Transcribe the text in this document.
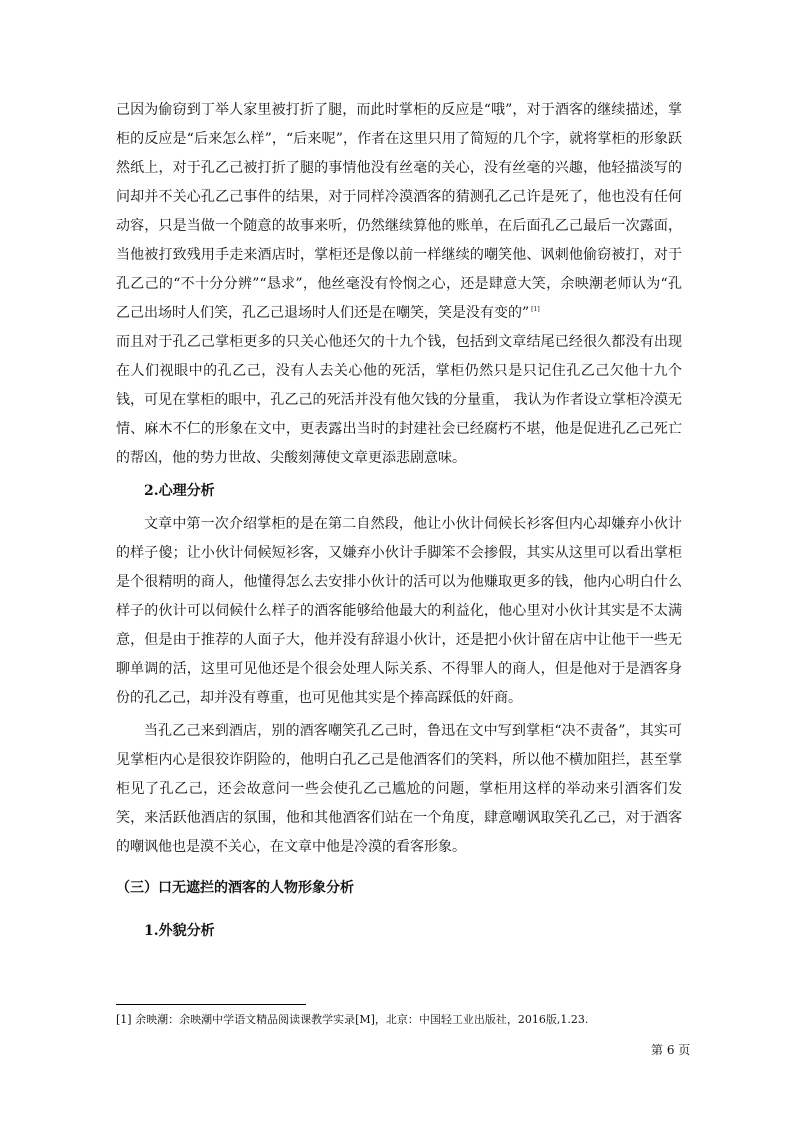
己因为偷窃到丁举人家里被打折了腿，而此时掌柜的反应是“哦”，对于酒客的继续描述，掌柜的反应是“后来怎么样”，“后来呢”，作者在这里只用了简短的几个字，就将掌柜的形象跃然纸上，对于孔乙己被打折了腿的事情他没有丝毫的关心，没有丝毫的兴趣，他轻描淡写的问却并不关心孔乙己事件的结果，对于同样冷漠酒客的猜测孔乙己许是死了，他也没有任何动容，只是当做一个随意的故事来听，仍然继续算他的账单，在后面孔乙己最后一次露面，当他被打致残用手走来酒店时，掌柜还是像以前一样继续的嘲笑他、讽刺他偷窃被打，对于孔乙己的“不十分分辨”“恳求”，他丝毫没有怜悯之心，还是肆意大笑，余映潮老师认为“孔乙己出场时人们笑，孔乙己退场时人们还是在嘲笑，笑是没有变的” [1]

而且对于孔乙己掌柜更多的只关心他还欠的十九个钱，包括到文章结尾已经很久都没有出现在人们视眼中的孔乙己，没有人去关心他的死活，掌柜仍然只是只记住孔乙己欠他十九个钱，可见在掌柜的眼中，孔乙己的死活并没有他欠钱的分量重， 我认为作者设立掌柜冷漠无情、麻木不仁的形象在文中，更表露出当时的封建社会已经腐朽不堪，他是促进孔乙己死亡的帮凶，他的势力世故、尖酸刻薄使文章更添悲剧意味。

2.心理分析

文章中第一次介绍掌柜的是在第二自然段，他让小伙计伺候长衫客但内心却嫌弃小伙计的样子傻；让小伙计伺候短衫客，又嫌弃小伙计手脚笨不会掺假，其实从这里可以看出掌柜是个很精明的商人，他懂得怎么去安排小伙计的活可以为他赚取更多的钱，他内心明白什么样子的伙计可以伺候什么样子的酒客能够给他最大的利益化，他心里对小伙计其实是不太满意，但是由于推荐的人面子大，他并没有辞退小伙计，还是把小伙计留在店中让他干一些无聊单调的活，这里可见他还是个很会处理人际关系、不得罪人的商人，但是他对于是酒客身份的孔乙己，却并没有尊重，也可见他其实是个捧高踩低的奸商。

当孔乙己来到酒店，别的酒客嘲笑孔乙己时，鲁迅在文中写到掌柜“决不责备”，其实可见掌柜内心是很狡诈阴险的，他明白孔乙己是他酒客们的笑料，所以他不横加阻拦，甚至掌柜见了孔乙己，还会故意问一些会使孔乙己尴尬的问题，掌柜用这样的举动来引酒客们发笑，来活跃他酒店的氛围，他和其他酒客们站在一个角度，肆意嘲讽取笑孔乙己，对于酒客的嘲讽他也是漠不关心，在文章中他是冷漠的看客形象。

（三）口无遮拦的酒客的人物形象分析

1.外貌分析

[1] 余映潮：余映潮中学语文精品阅读课教学实录[M]，北京：中国轻工业出版社，2016版,1.23.
第 6 页
